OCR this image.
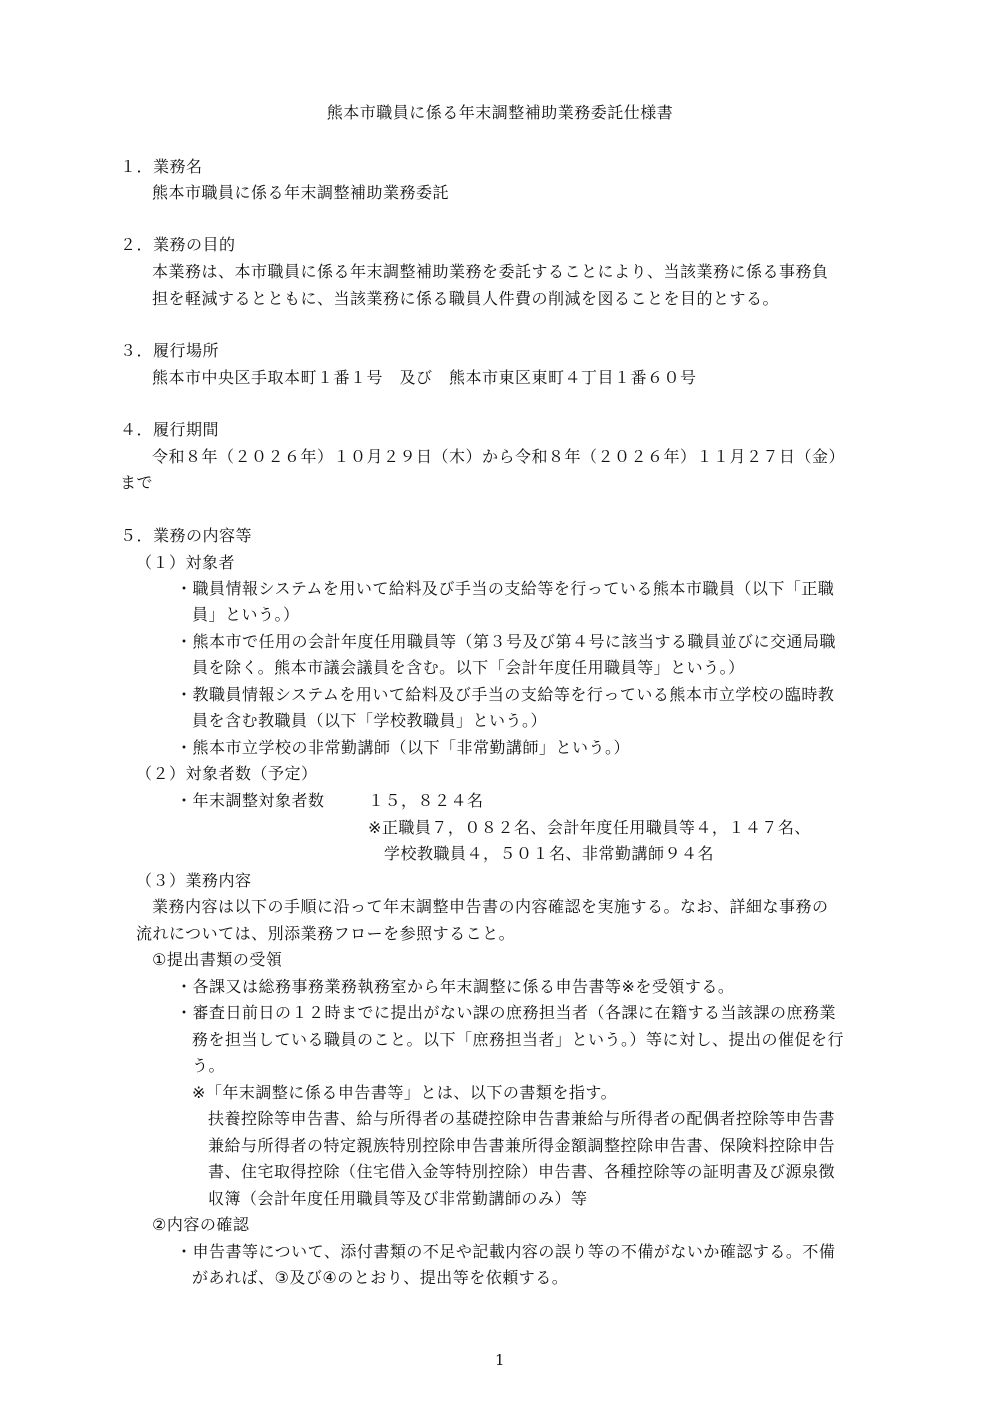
熊本市職員に係る年末調整補助業務委託仕様書
１．業務名
熊本市職員に係る年末調整補助業務委託
２．業務の目的
本業務は、本市職員に係る年末調整補助業務を委託することにより、当該業務に係る事務負
担を軽減するとともに、当該業務に係る職員人件費の削減を図ることを目的とする。
３．履行場所
熊本市中央区手取本町１番１号　及び　熊本市東区東町４丁目１番６０号
４．履行期間
令和８年（２０２６年）１０月２９日（木）から令和８年（２０２６年）１１月２７日（金）
まで
５．業務の内容等
（１）対象者
・職員情報システムを用いて給料及び手当の支給等を行っている熊本市職員（以下「正職
員」という。）
・熊本市で任用の会計年度任用職員等（第３号及び第４号に該当する職員並びに交通局職
員を除く。熊本市議会議員を含む。以下「会計年度任用職員等」という。）
・教職員情報システムを用いて給料及び手当の支給等を行っている熊本市立学校の臨時教
員を含む教職員（以下「学校教職員」という。）
・熊本市立学校の非常勤講師（以下「非常勤講師」という。）
（２）対象者数（予定）
・年末調整対象者数	１５，８２４名
※正職員７，０８２名、会計年度任用職員等４，１４７名、
学校教職員４，５０１名、非常勤講師９４名
（３）業務内容
業務内容は以下の手順に沿って年末調整申告書の内容確認を実施する。なお、詳細な事務の
流れについては、別添業務フローを参照すること。
①提出書類の受領
・各課又は総務事務業務執務室から年末調整に係る申告書等※を受領する。
・審査日前日の１２時までに提出がない課の庶務担当者（各課に在籍する当該課の庶務業
務を担当している職員のこと。以下「庶務担当者」という。）等に対し、提出の催促を行
う。
※「年末調整に係る申告書等」とは、以下の書類を指す。
扶養控除等申告書、給与所得者の基礎控除申告書兼給与所得者の配偶者控除等申告書
兼給与所得者の特定親族特別控除申告書兼所得金額調整控除申告書、保険料控除申告
書、住宅取得控除（住宅借入金等特別控除）申告書、各種控除等の証明書及び源泉徴
収簿（会計年度任用職員等及び非常勤講師のみ）等
②内容の確認
・申告書等について、添付書類の不足や記載内容の誤り等の不備がないか確認する。不備
があれば、③及び④のとおり、提出等を依頼する。
1
